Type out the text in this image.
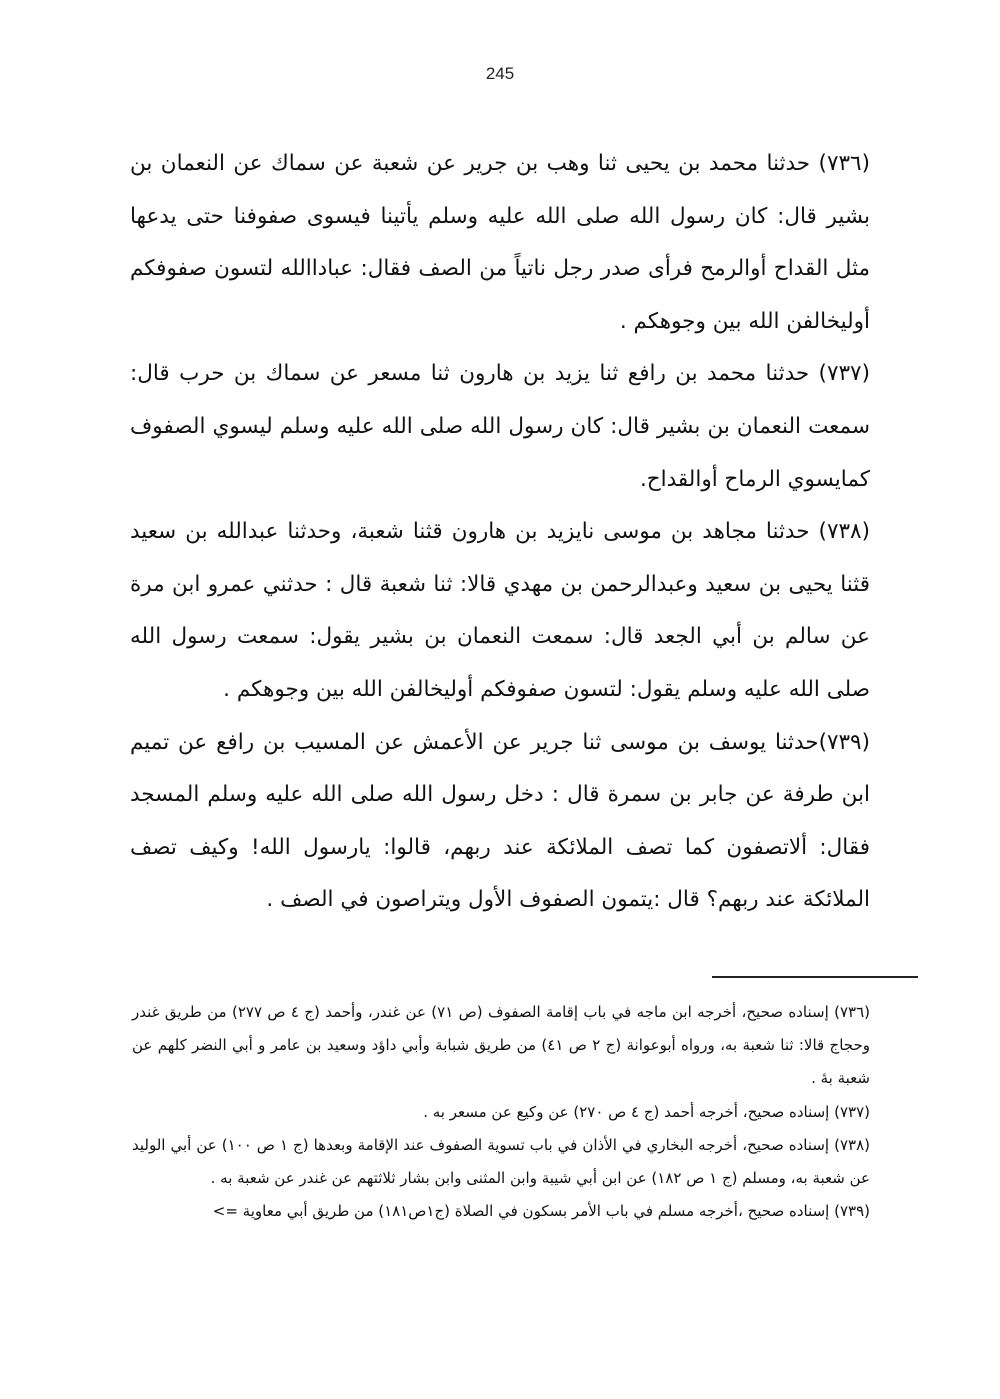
245

(٧٣٦) حدثنا محمد بن يحيى ثنا وهب بن جرير عن شعبة عن سماك عن النعمان بن بشير قال: كان رسول الله صلى الله عليه وسلم يأتينا فيسوى صفوفنا حتى يدعها مثل القداح أوالرمح فرأى صدر رجل ناتياً من الصف فقال: عباداالله لتسون صفوفكم أوليخالفن الله بين وجوهكم .

(٧٣٧) حدثنا محمد بن رافع ثنا يزيد بن هارون ثنا مسعر عن سماك بن حرب قال: سمعت النعمان بن بشير قال: كان رسول الله صلى الله عليه وسلم ليسوي الصفوف كمايسوي الرماح أوالقداح.

(٧٣٨) حدثنا مجاهد بن موسى نايزيد بن هارون قثنا شعبة، وحدثنا عبدالله بن سعيد قثنا يحيى بن سعيد وعبدالرحمن بن مهدي قالا: ثنا شعبة قال : حدثني عمرو ابن مرة عن سالم بن أبي الجعد قال: سمعت النعمان بن بشير يقول: سمعت رسول الله صلى الله عليه وسلم يقول: لتسون صفوفكم أوليخالفن الله بين وجوهكم .

(٧٣٩)حدثنا يوسف بن موسى ثنا جرير عن الأعمش عن المسيب بن رافع عن تميم ابن طرفة عن جابر بن سمرة قال : دخل رسول الله صلى الله عليه وسلم المسجد فقال: ألاتصفون كما تصف الملائكة عند ربهم، قالوا: يارسول الله! وكيف تصف الملائكة عند ربهم؟ قال :يتمون الصفوف الأول ويتراصون في الصف .

(٧٣٦) إسناده صحيح، أخرجه ابن ماجه في باب إقامة الصفوف (ص ٧١) عن غندر، وأحمد (ج ٤ ص ٢٧٧) من طريق غندر وحجاج قالا: ثنا شعبة به، ورواه أبوعوانة (ج ٢ ص ٤١) من طريق شبابة وأبي داؤد وسعيد بن عامر و أبي النضر كلهم عن شعبة بهٔ .

(٧٣٧) إسناده صحيح، أخرجه أحمد (ج ٤ ص ٢٧٠) عن وكيع عن مسعر به .

(٧٣٨) إسناده صحيح، أخرجه البخاري في الأذان في باب تسوية الصفوف عند الإقامة وبعدها (ج ١ ص ١٠٠) عن أبي الوليد عن شعبة به، ومسلم (ج ١ ص ١٨٢) عن ابن أبي شيبة وابن المثنى وابن بشار ثلاثتهم عن غندر عن شعبة به .

(٧٣٩) إسناده صحيح ،أخرجه مسلم في باب الأمر بسكون في الصلاة (ج١ص١٨١) من طريق أبي معاوية =>
